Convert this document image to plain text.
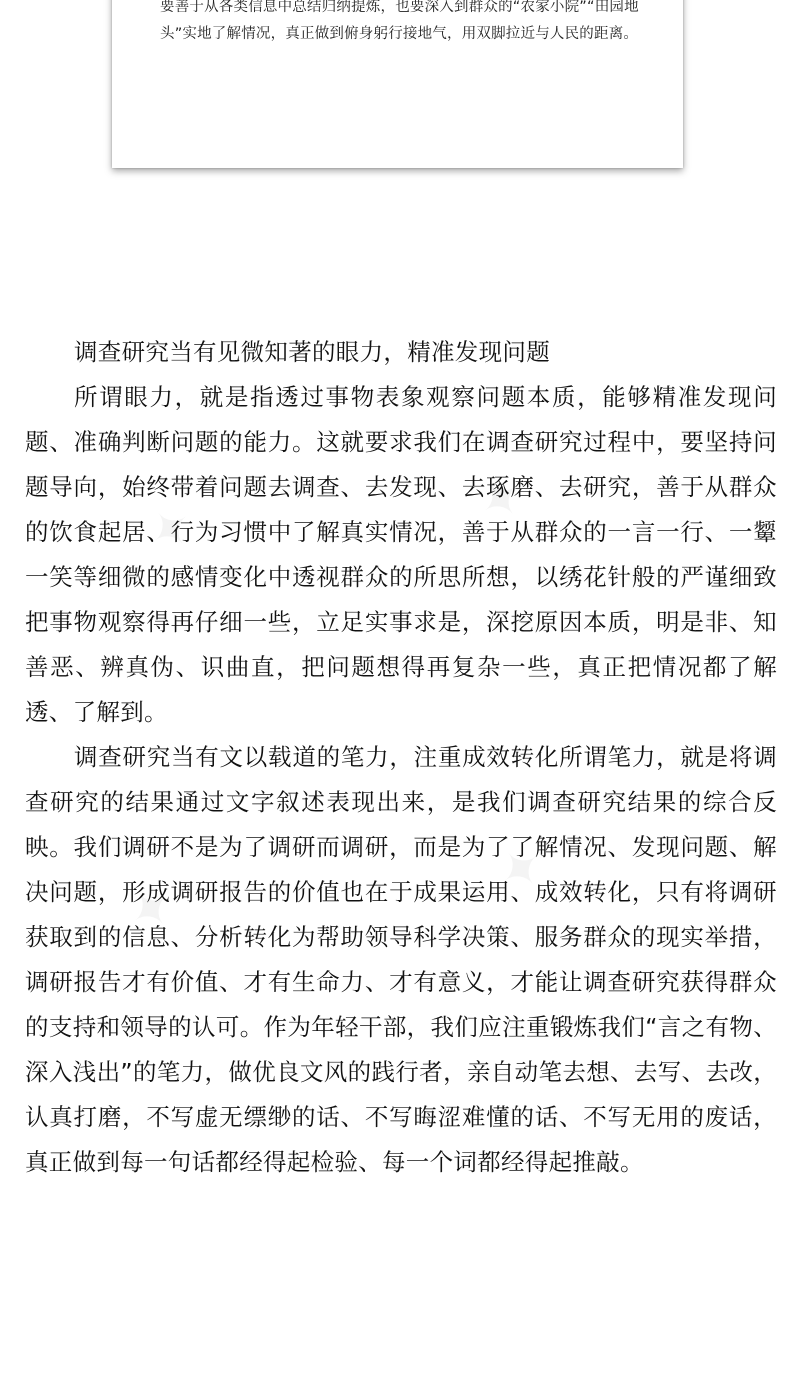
要善于从各类信息中总结归纳提炼，也要深入到群众的“农家小院”“田园地头”实地了解情况，真正做到俯身躬行接地气，用双脚拉近与人民的距离。

调查研究当有见微知著的眼力，精准发现问题

所谓眼力，就是指透过事物表象观察问题本质，能够精准发现问题、准确判断问题的能力。这就要求我们在调查研究过程中，要坚持问题导向，始终带着问题去调查、去发现、去琢磨、去研究，善于从群众的饮食起居、行为习惯中了解真实情况，善于从群众的一言一行、一颦一笑等细微的感情变化中透视群众的所思所想，以绣花针般的严谨细致把事物观察得再仔细一些，立足实事求是，深挖原因本质，明是非、知善恶、辨真伪、识曲直，把问题想得再复杂一些，真正把情况都了解透、了解到。

调查研究当有文以载道的笔力，注重成效转化所谓笔力，就是将调查研究的结果通过文字叙述表现出来，是我们调查研究结果的综合反映。我们调研不是为了调研而调研，而是为了了解情况、发现问题、解决问题，形成调研报告的价值也在于成果运用、成效转化，只有将调研获取到的信息、分析转化为帮助领导科学决策、服务群众的现实举措，调研报告才有价值、才有生命力、才有意义，才能让调查研究获得群众的支持和领导的认可。作为年轻干部，我们应注重锻炼我们“言之有物、深入浅出”的笔力，做优良文风的践行者，亲自动笔去想、去写、去改，认真打磨，不写虚无缥缈的话、不写晦涩难懂的话、不写无用的废话，真正做到每一句话都经得起检验、每一个词都经得起推敲。
